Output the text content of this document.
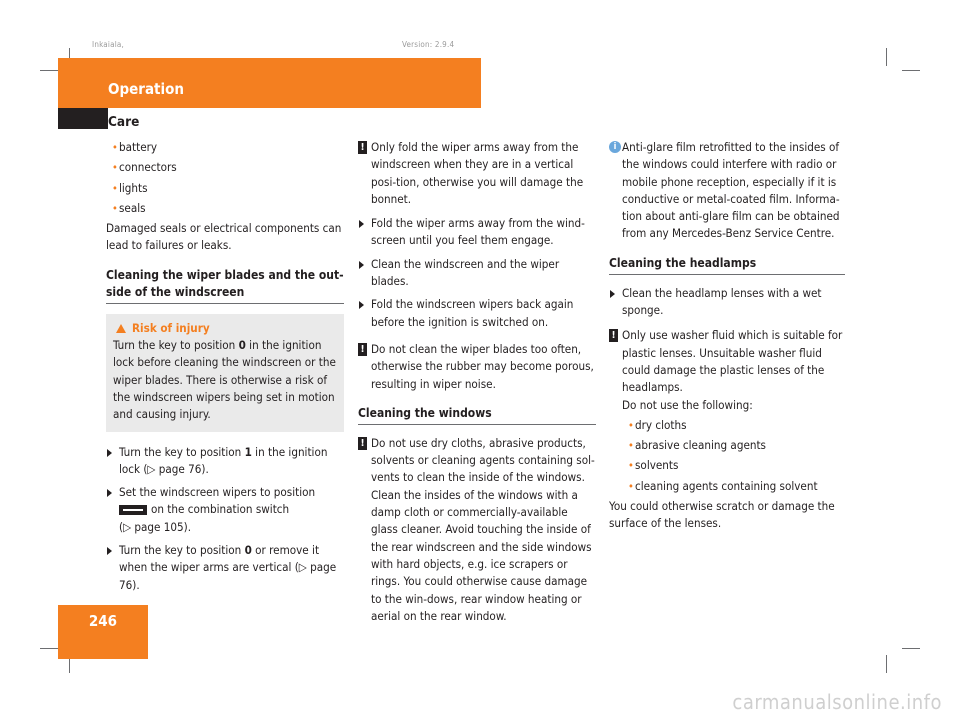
Inkaiala,	Version: 2.9.4
Operation
Care

• battery

• connectors

• lights

• seals

Damaged seals or electrical components can lead to failures or leaks.

Cleaning the wiper blades and the out-side of the windscreen
Risk of injury

Turn the key to position 0 in the ignition lock before cleaning the windscreen or the wiper blades. There is otherwise a risk of the windscreen wipers being set in motion and causing injury.

Turn the key to position 1 in the ignition lock (▷ page 76).

Set the windscreen wipers to position
on the combination switch
(▷ page 105).

Turn the key to position 0 or remove it when the wiper arms are vertical (▷ page 76).

! Only fold the wiper arms away from the windscreen when they are in a vertical posi-tion, otherwise you will damage the bonnet.

Fold the wiper arms away from the wind-screen until you feel them engage.

Clean the windscreen and the wiper blades.

Fold the windscreen wipers back again before the ignition is switched on.

! Do not clean the wiper blades too often, otherwise the rubber may become porous, resulting in wiper noise.

Cleaning the windows

! Do not use dry cloths, abrasive products, solvents or cleaning agents containing sol-vents to clean the inside of the windows. Clean the insides of the windows with a damp cloth or commercially-available glass cleaner. Avoid touching the inside of the rear windscreen and the side windows with hard objects, e.g. ice scrapers or rings. You could otherwise cause damage to the win-dows, rear window heating or aerial on the rear window.

i Anti-glare film retrofitted to the insides of the windows could interfere with radio or mobile phone reception, especially if it is conductive or metal-coated film. Informa-tion about anti-glare film can be obtained from any Mercedes-Benz Service Centre.

Cleaning the headlamps

Clean the headlamp lenses with a wet sponge.

! Only use washer fluid which is suitable for plastic lenses. Unsuitable washer fluid could damage the plastic lenses of the headlamps.

Do not use the following:

• dry cloths

• abrasive cleaning agents

• solvents

• cleaning agents containing solvent

You could otherwise scratch or damage the surface of the lenses.

246
carmanualsonline.info
